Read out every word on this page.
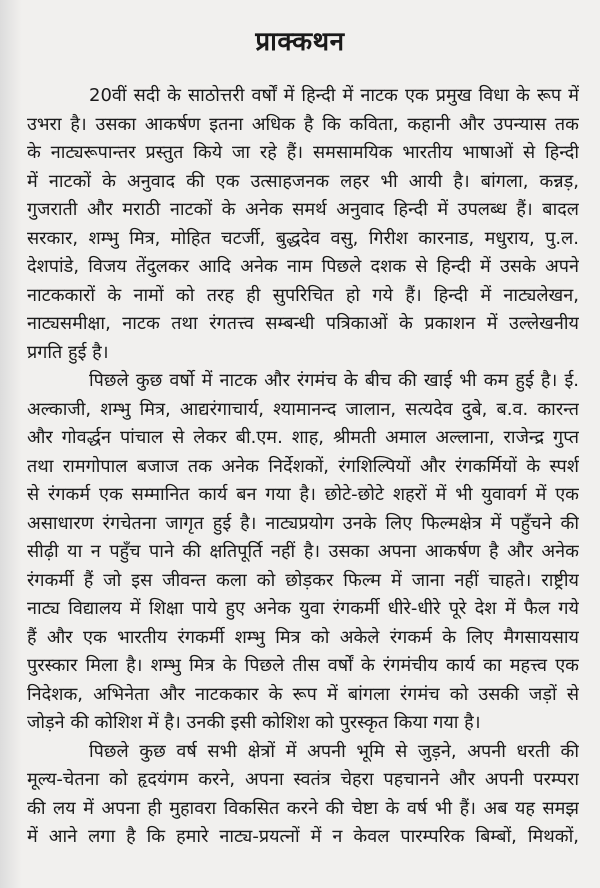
प्राक्कथन
20वीं सदी के साठोत्तरी वर्षों में हिन्दी में नाटक एक प्रमुख विधा के रूप में
उभरा है। उसका आकर्षण इतना अधिक है कि कविता, कहानी और उपन्यास तक
के नाट्यरूपान्तर प्रस्तुत किये जा रहे हैं। समसामयिक भारतीय भाषाओं से हिन्दी
में नाटकों के अनुवाद की एक उत्साहजनक लहर भी आयी है। बांगला, कन्नड़,
गुजराती और मराठी नाटकों के अनेक समर्थ अनुवाद हिन्दी में उपलब्ध हैं। बादल
सरकार, शम्भु मित्र, मोहित चटर्जी, बुद्धदेव वसु, गिरीश कारनाड, मधुराय, पु.ल.
देशपांडे, विजय तेंदुलकर आदि अनेक नाम पिछले दशक से हिन्दी में उसके अपने
नाटककारों के नामों को तरह ही सुपरिचित हो गये हैं। हिन्दी में नाट्यलेखन,
नाट्यसमीक्षा, नाटक तथा रंगतत्त्व सम्बन्धी पत्रिकाओं के प्रकाशन में उल्लेखनीय
प्रगति हुई है।
पिछले कुछ वर्षो में नाटक और रंगमंच के बीच की खाई भी कम हुई है। ई.
अल्काजी, शम्भु मित्र, आद्यरंगाचार्य, श्यामानन्द जालान, सत्यदेव दुबे, ब.व. कारन्त
और गोवर्द्धन पांचाल से लेकर बी.एम. शाह, श्रीमती अमाल अल्लाना, राजेन्द्र गुप्त
तथा रामगोपाल बजाज तक अनेक निर्देशकों, रंगशिल्पियों और रंगकर्मियों के स्पर्श
से रंगकर्म एक सम्मानित कार्य बन गया है। छोटे-छोटे शहरों में भी युवावर्ग में एक
असाधारण रंगचेतना जागृत हुई है। नाट्यप्रयोग उनके लिए फिल्मक्षेत्र में पहुँचने की
सीढ़ी या न पहुँच पाने की क्षतिपूर्ति नहीं है। उसका अपना आकर्षण है और अनेक
रंगकर्मी हैं जो इस जीवन्त कला को छोड़कर फिल्म में जाना नहीं चाहते। राष्ट्रीय
नाट्य विद्यालय में शिक्षा पाये हुए अनेक युवा रंगकर्मी धीरे-धीरे पूरे देश में फैल गये
हैं और एक भारतीय रंगकर्मी शम्भु मित्र को अकेले रंगकर्म के लिए मैगसायसाय
पुरस्कार मिला है। शम्भु मित्र के पिछले तीस वर्षों के रंगमंचीय कार्य का महत्त्व एक
निदेशक, अभिनेता और नाटककार के रूप में बांगला रंगमंच को उसकी जड़ों से
जोड़ने की कोशिश में है। उनकी इसी कोशिश को पुरस्कृत किया गया है।
पिछले कुछ वर्ष सभी क्षेत्रों में अपनी भूमि से जुड़ने, अपनी धरती की
मूल्य-चेतना को हृदयंगम करने, अपना स्वतंत्र चेहरा पहचानने और अपनी परम्परा
की लय में अपना ही मुहावरा विकसित करने की चेष्टा के वर्ष भी हैं। अब यह समझ
में आने लगा है कि हमारे नाट्य-प्रयत्नों में न केवल पारम्परिक बिम्बों, मिथकों,
